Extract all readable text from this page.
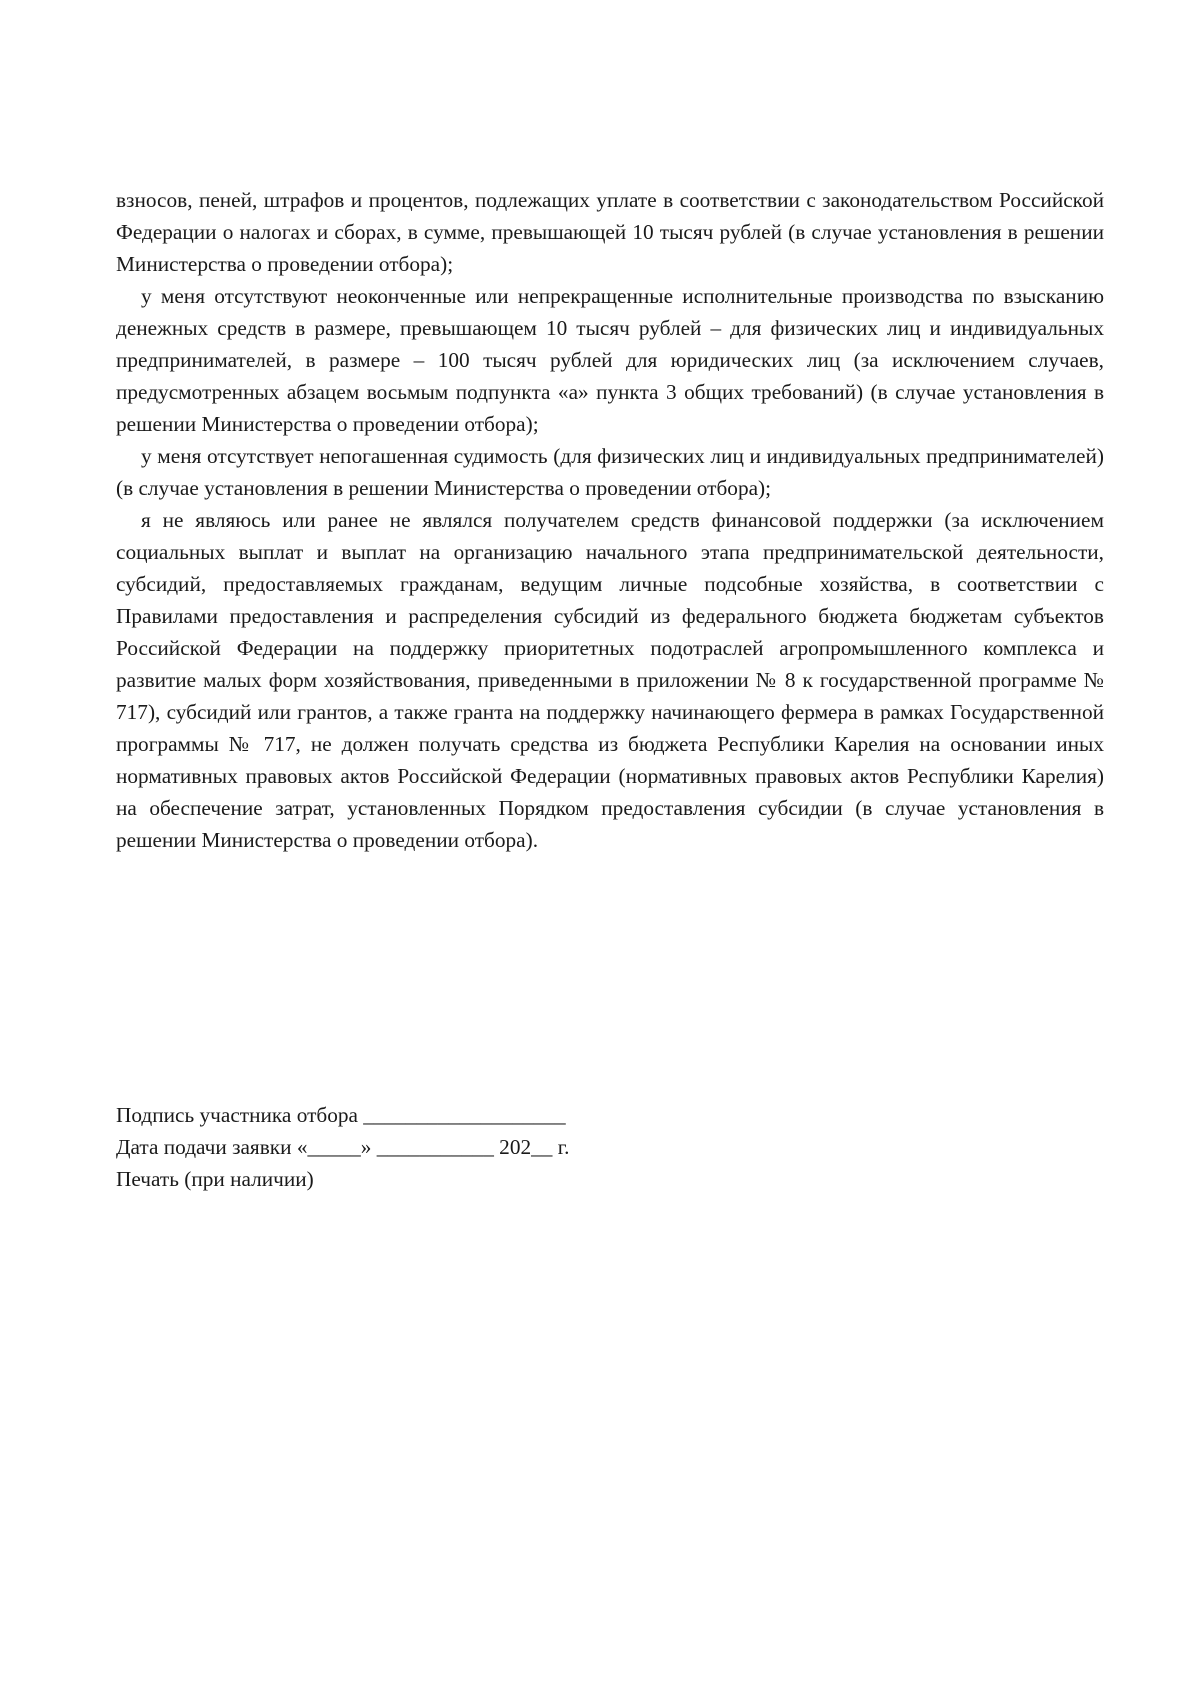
взносов, пеней, штрафов и процентов, подлежащих уплате в соответствии с законодательством Российской Федерации о налогах и сборах, в сумме, превышающей 10 тысяч рублей (в случае установления в решении Министерства о проведении отбора);

у меня отсутствуют неоконченные или непрекращенные исполнительные производства по взысканию денежных средств в размере, превышающем 10 тысяч рублей – для физических лиц и индивидуальных предпринимателей, в размере – 100 тысяч рублей для юридических лиц (за исключением случаев, предусмотренных абзацем восьмым подпункта «а» пункта 3 общих требований) (в случае установления в решении Министерства о проведении отбора);

у меня отсутствует непогашенная судимость (для физических лиц и индивидуальных предпринимателей) (в случае установления в решении Министерства о проведении отбора);

я не являюсь или ранее не являлся получателем средств финансовой поддержки (за исключением социальных выплат и выплат на организацию начального этапа предпринимательской деятельности, субсидий, предоставляемых гражданам, ведущим личные подсобные хозяйства, в соответствии с Правилами предоставления и распределения субсидий из федерального бюджета бюджетам субъектов Российской Федерации на поддержку приоритетных подотраслей агропромышленного комплекса и развитие малых форм хозяйствования, приведенными в приложении № 8 к государственной программе № 717), субсидий или грантов, а также гранта на поддержку начинающего фермера в рамках Государственной программы № 717, не должен получать средства из бюджета Республики Карелия на основании иных нормативных правовых актов Российской Федерации (нормативных правовых актов Республики Карелия) на обеспечение затрат, установленных Порядком предоставления субсидии (в случае установления в решении Министерства о проведении отбора).

Подпись участника отбора ___________________
Дата подачи заявки «_____» ___________ 202__ г.
Печать (при наличии)
